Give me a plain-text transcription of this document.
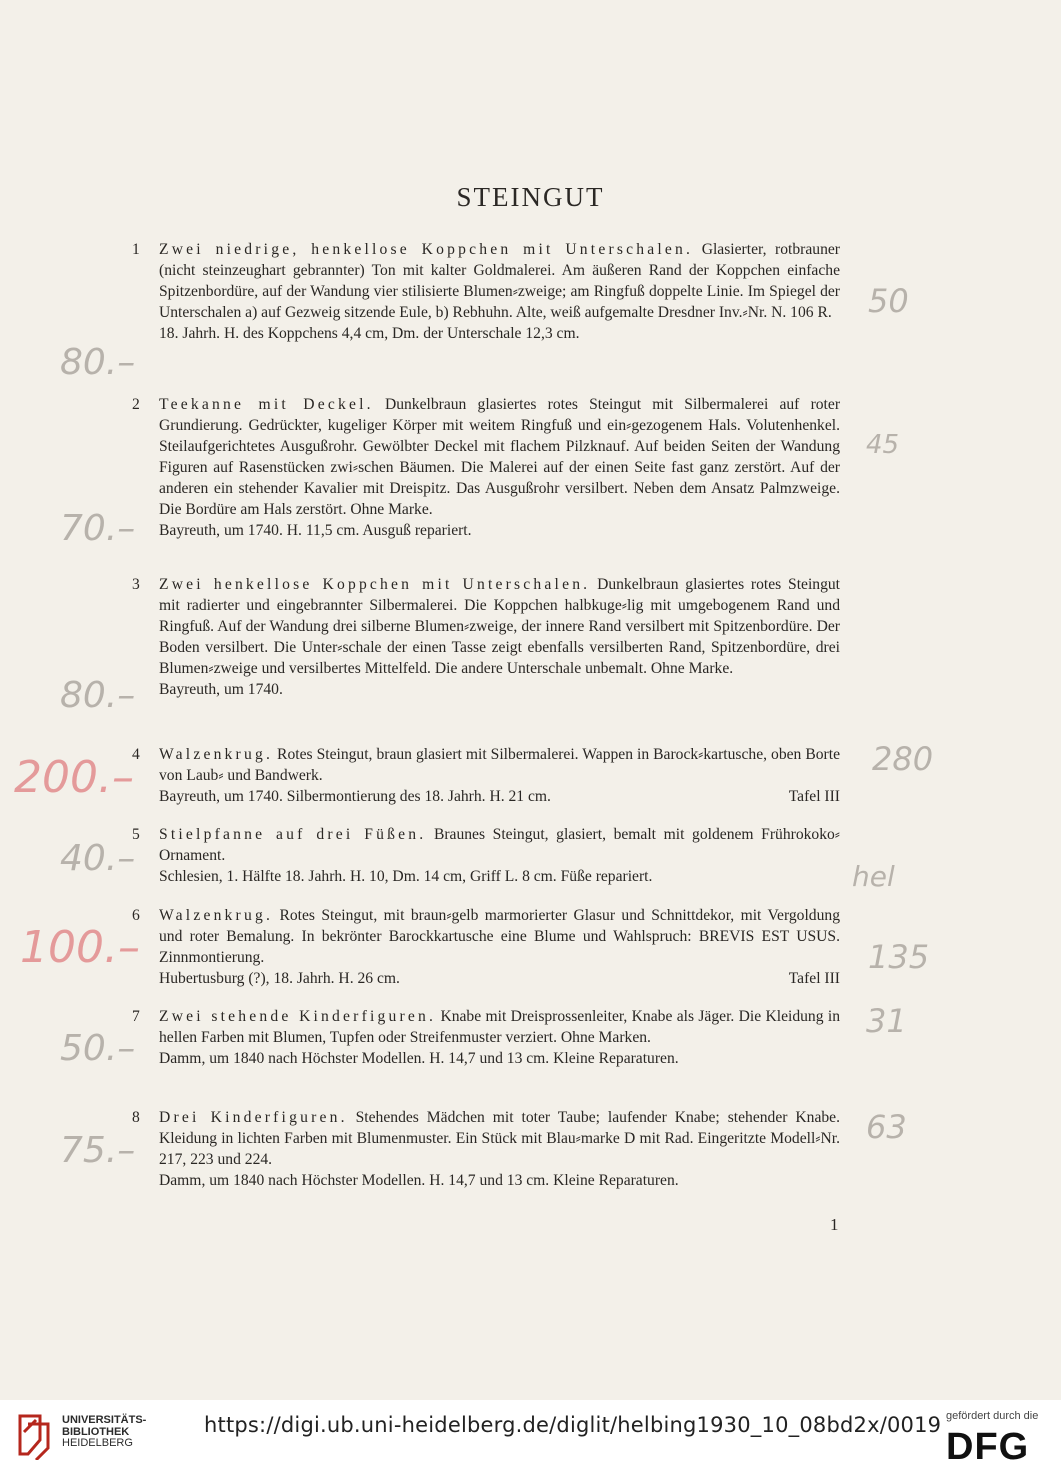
STEINGUT
1	Zwei niedrige, henkellose Koppchen mit Unterschalen. Glasierter, rotbrauner (nicht steinzeughart gebrannter) Ton mit kalter Goldmalerei. Am äußeren Rand der Koppchen einfache Spitzenbordüre, auf der Wandung vier stilisierte Blumen⸗zweige; am Ringfuß doppelte Linie. Im Spiegel der Unterschalen a) auf Gezweig sitzende Eule, b) Rebhuhn. Alte, weiß aufgemalte Dresdner Inv.⸗Nr. N. 106 R.

18. Jahrh. H. des Koppchens 4,4 cm, Dm. der Unterschale 12,3 cm.
2	Teekanne mit Deckel. Dunkelbraun glasiertes rotes Steingut mit Silbermalerei auf roter Grundierung. Gedrückter, kugeliger Körper mit weitem Ringfuß und ein⸗gezogenem Hals. Volutenhenkel. Steilaufgerichtetes Ausgußrohr. Gewölbter Deckel mit flachem Pilzknauf. Auf beiden Seiten der Wandung Figuren auf Rasenstücken zwi⸗schen Bäumen. Die Malerei auf der einen Seite fast ganz zerstört. Auf der anderen ein stehender Kavalier mit Dreispitz. Das Ausgußrohr versilbert. Neben dem Ansatz Palmzweige. Die Bordüre am Hals zerstört. Ohne Marke.

Bayreuth, um 1740. H. 11,5 cm. Ausguß repariert.
3	Zwei henkellose Koppchen mit Unterschalen. Dunkelbraun glasiertes rotes Steingut mit radierter und eingebrannter Silbermalerei. Die Koppchen halbkuge⸗lig mit umgebogenem Rand und Ringfuß. Auf der Wandung drei silberne Blumen⸗zweige, der innere Rand versilbert mit Spitzenbordüre. Der Boden versilbert. Die Unter⸗schale der einen Tasse zeigt ebenfalls versilberten Rand, Spitzenbordüre, drei Blumen⸗zweige und versilbertes Mittelfeld. Die andere Unterschale unbemalt. Ohne Marke.

Bayreuth, um 1740.
4	Walzenkrug. Rotes Steingut, braun glasiert mit Silbermalerei. Wappen in Barock⸗kartusche, oben Borte von Laub⸗ und Bandwerk.

Bayreuth, um 1740. Silbermontierung des 18. Jahrh. H. 21 cm.	Tafel III
5	Stielpfanne auf drei Füßen. Braunes Steingut, glasiert, bemalt mit goldenem Frührokoko⸗Ornament.

Schlesien, 1. Hälfte 18. Jahrh. H. 10, Dm. 14 cm, Griff L. 8 cm. Füße repariert.
6	Walzenkrug. Rotes Steingut, mit braun⸗gelb marmorierter Glasur und Schnittdekor, mit Vergoldung und roter Bemalung. In bekrönter Barockkartusche eine Blume und Wahlspruch: BREVIS EST USUS. Zinnmontierung.

Hubertusburg (?), 18. Jahrh. H. 26 cm.	Tafel III
7	Zwei stehende Kinderfiguren. Knabe mit Dreisprossenleiter, Knabe als Jäger. Die Kleidung in hellen Farben mit Blumen, Tupfen oder Streifenmuster verziert. Ohne Marken.

Damm, um 1840 nach Höchster Modellen. H. 14,7 und 13 cm. Kleine Reparaturen.
8	Drei Kinderfiguren. Stehendes Mädchen mit toter Taube; laufender Knabe; stehender Knabe. Kleidung in lichten Farben mit Blumenmuster. Ein Stück mit Blau⸗marke D mit Rad. Eingeritzte Modell⸗Nr. 217, 223 und 224.

Damm, um 1840 nach Höchster Modellen. H. 14,7 und 13 cm. Kleine Reparaturen.
1
80.–
70.–
80.–
200.–
40.–
100.–
50.–
75.–
50
45
280
hel
135
31
63
UNIVERSITÄTS-
BIBLIOTHEK
HEIDELBERG
https://digi.ub.uni-heidelberg.de/diglit/helbing1930_10_08bd2x/0019 gefördert durch die
DFG
